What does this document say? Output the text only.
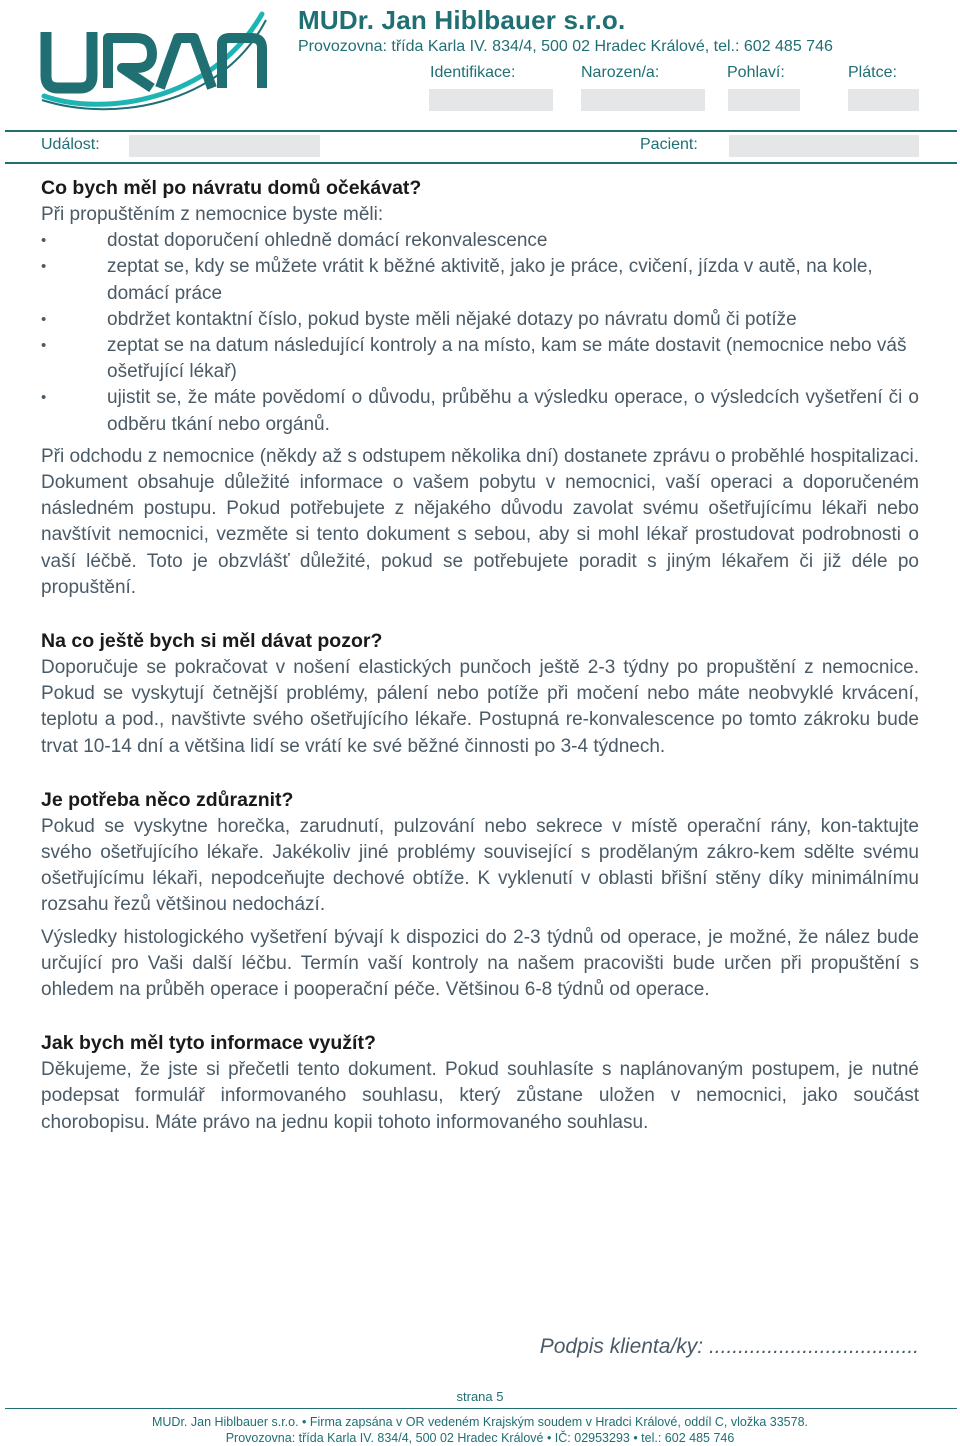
MUDr. Jan Hiblbauer s.r.o.
Provozovna: třída Karla IV. 834/4, 500 02 Hradec Králové, tel.: 602 485 746
Identifikace:	Narozen/a:	Pohlaví:	Plátce:
Událost:	Pacient:
Co bych měl po návratu domů očekávat?

Při propuštěním z nemocnice byste měli:

• dostat doporučení ohledně domácí rekonvalescence

• zeptat se, kdy se můžete vrátit k běžné aktivitě, jako je práce, cvičení, jízda v autě, na kole, domácí práce

• obdržet kontaktní číslo, pokud byste měli nějaké dotazy po návratu domů či potíže

• zeptat se na datum následující kontroly a na místo, kam se máte dostavit (nemocnice nebo váš ošetřující lékař)

• ujistit se, že máte povědomí o důvodu, průběhu a výsledku operace, o výsledcích vyšetření či o odběru tkání nebo orgánů.

Při odchodu z nemocnice (někdy až s odstupem několika dní) dostanete zprávu o proběhlé hospitalizaci. Dokument obsahuje důležité informace o vašem pobytu v nemocnici, vaší operaci a doporučeném následném postupu. Pokud potřebujete z nějakého důvodu zavolat svému ošetřujícímu lékaři nebo navštívit nemocnici, vezměte si tento dokument s sebou, aby si mohl lékař prostudovat podrobnosti o vaší léčbě. Toto je obzvlášť důležité, pokud se potřebujete poradit s jiným lékařem či již déle po propuštění.

Na co ještě bych si měl dávat pozor?

Doporučuje se pokračovat v nošení elastických punčoch ještě 2-3 týdny po propuštění z nemocnice. Pokud se vyskytují četnější problémy, pálení nebo potíže při močení nebo máte neobvyklé krvácení, teplotu a pod., navštivte svého ošetřujícího lékaře. Postupná re-konvalescence po tomto zákroku bude trvat 10-14 dní a většina lidí se vrátí ke své běžné činnosti po 3-4 týdnech.

Je potřeba něco zdůraznit?

Pokud se vyskytne horečka, zarudnutí, pulzování nebo sekrece v místě operační rány, kon-taktujte svého ošetřujícího lékaře. Jakékoliv jiné problémy související s prodělaným zákro-kem sdělte svému ošetřujícímu lékaři, nepodceňujte dechové obtíže. K vyklenutí v oblasti břišní stěny díky minimálnímu rozsahu řezů většinou nedochází.

Výsledky histologického vyšetření bývají k dispozici do 2-3 týdnů od operace, je možné, že nález bude určující pro Vaši další léčbu. Termín vaší kontroly na našem pracovišti bude určen při propuštění s ohledem na průběh operace i pooperační péče. Většinou 6-8 týdnů od operace.

Jak bych měl tyto informace využít?

Děkujeme, že jste si přečetli tento dokument. Pokud souhlasíte s naplánovaným postupem, je nutné podepsat formulář informovaného souhlasu, který zůstane uložen v nemocnici, jako součást chorobopisu. Máte právo na jednu kopii tohoto informovaného souhlasu.

Podpis klienta/ky: ....................................
strana 5
MUDr. Jan Hiblbauer s.r.o. • Firma zapsána v OR vedeném Krajským soudem v Hradci Králové, oddíl C, vložka 33578.
Provozovna: třída Karla IV. 834/4, 500 02 Hradec Králové • IČ: 02953293 • tel.: 602 485 746
